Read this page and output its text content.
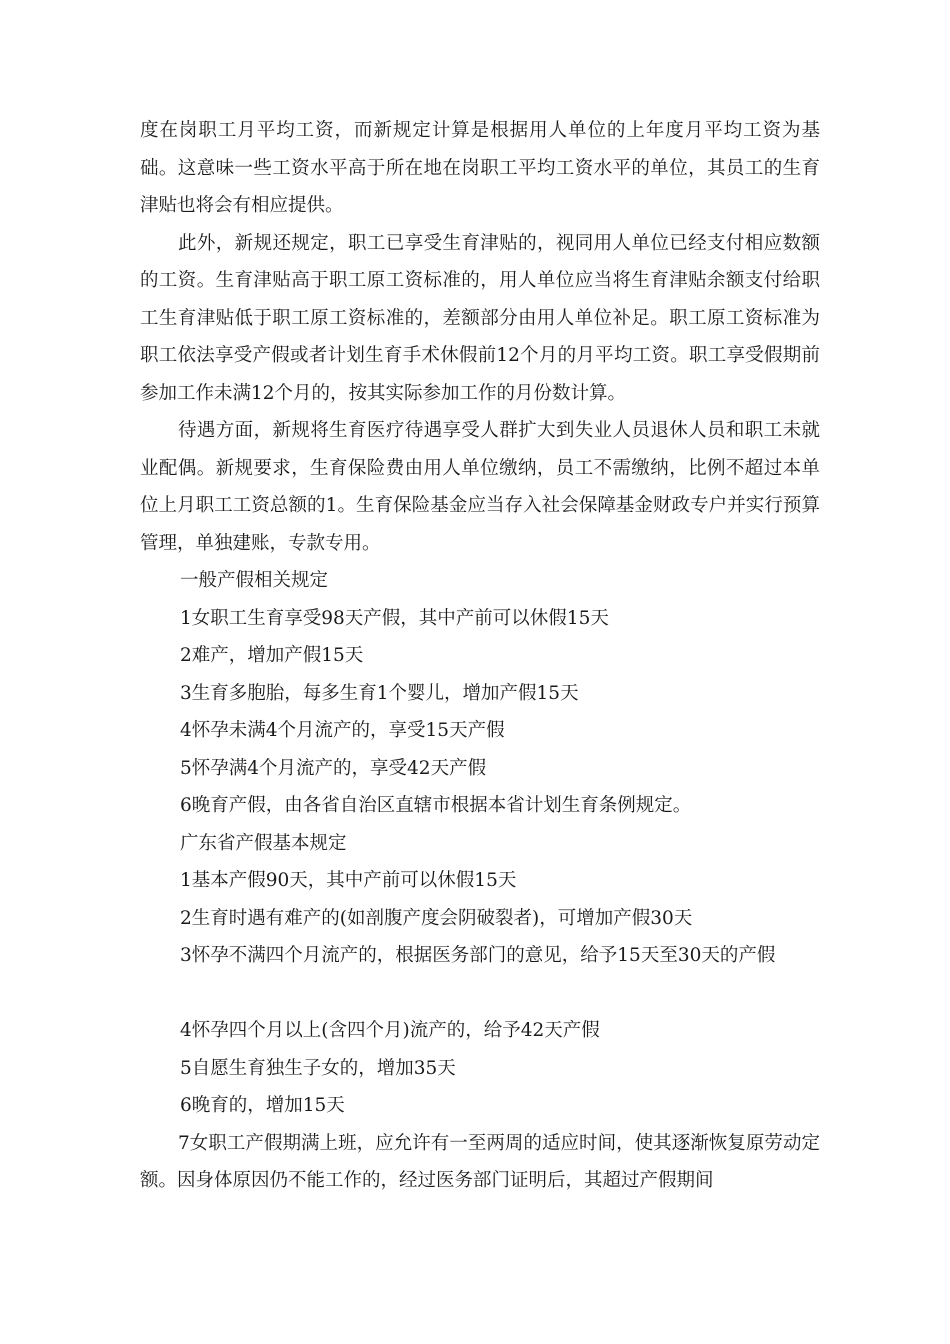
度在岗职工月平均工资，而新规定计算是根据用人单位的上年度月平均工资为基础。这意味一些工资水平高于所在地在岗职工平均工资水平的单位，其员工的生育津贴也将会有相应提供。

此外，新规还规定，职工已享受生育津贴的，视同用人单位已经支付相应数额的工资。生育津贴高于职工原工资标准的，用人单位应当将生育津贴余额支付给职工生育津贴低于职工原工资标准的，差额部分由用人单位补足。职工原工资标准为职工依法享受产假或者计划生育手术休假前12个月的月平均工资。职工享受假期前参加工作未满12个月的，按其实际参加工作的月份数计算。

待遇方面，新规将生育医疗待遇享受人群扩大到失业人员退休人员和职工未就业配偶。新规要求，生育保险费由用人单位缴纳，员工不需缴纳，比例不超过本单位上月职工工资总额的1。生育保险基金应当存入社会保障基金财政专户并实行预算管理，单独建账，专款专用。

一般产假相关规定

1女职工生育享受98天产假，其中产前可以休假15天

2难产，增加产假15天

3生育多胞胎，每多生育1个婴儿，增加产假15天

4怀孕未满4个月流产的，享受15天产假

5怀孕满4个月流产的，享受42天产假

6晚育产假，由各省自治区直辖市根据本省计划生育条例规定。

广东省产假基本规定

1基本产假90天，其中产前可以休假15天

2生育时遇有难产的(如剖腹产度会阴破裂者)，可增加产假30天

3怀孕不满四个月流产的，根据医务部门的意见，给予15天至30天的产假

4怀孕四个月以上(含四个月)流产的，给予42天产假

5自愿生育独生子女的，增加35天

6晚育的，增加15天

7女职工产假期满上班，应允许有一至两周的适应时间，使其逐渐恢复原劳动定额。因身体原因仍不能工作的，经过医务部门证明后，其超过产假期间
